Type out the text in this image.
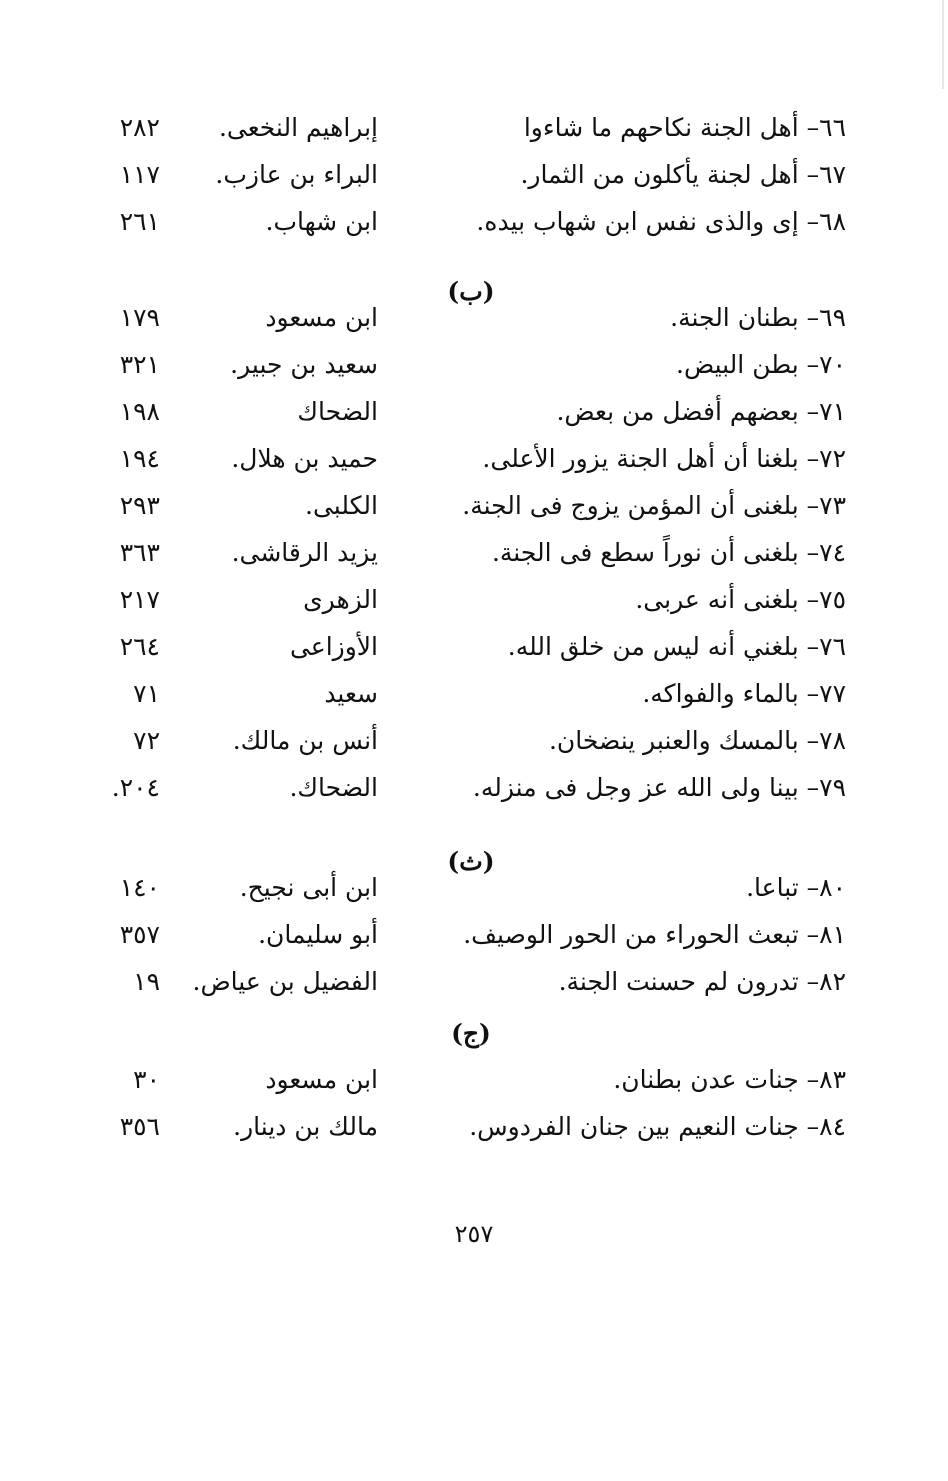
٦٦– أهل الجنة نكاحهم ما شاءوا
إبراهيم النخعى.
٢٨٢
٦٧– أهل لجنة يأكلون من الثمار.
البراء بن عازب.
١١٧
٦٨– إى والذى نفس ابن شهاب بيده.
ابن شهاب.
٢٦١
(ب)
٦٩– بطنان الجنة.
ابن مسعود
١٧٩
٧٠– بطن البيض.
سعيد بن جبير.
٣٢١
٧١– بعضهم أفضل من بعض.
الضحاك
١٩٨
٧٢– بلغنا أن أهل الجنة يزور الأعلى.
حميد بن هلال.
١٩٤
٧٣– بلغنى أن المؤمن يزوج فى الجنة.
الكلبى.
٢٩٣
٧٤– بلغنى أن نوراً سطع فى الجنة.
يزيد الرقاشى.
٣٦٣
٧٥– بلغنى أنه عربى.
الزهرى
٢١٧
٧٦– بلغني أنه ليس من خلق الله.
الأوزاعى
٢٦٤
٧٧– بالماء والفواكه.
سعيد
٧١
٧٨– بالمسك والعنبر ينضخان.
أنس بن مالك.
٧٢
٧٩– بينا ولى الله عز وجل فى منزله.
الضحاك.
٢٠٤.
(ث)
٨٠– تباعا.
ابن أبى نجيح.
١٤٠
٨١– تبعث الحوراء من الحور الوصيف.
أبو سليمان.
٣٥٧
٨٢– تدرون لم حسنت الجنة.
الفضيل بن عياض.
١٩
(ج)
٨٣– جنات عدن بطنان.
ابن مسعود
٣٠
٨٤– جنات النعيم بين جنان الفردوس.
مالك بن دينار.
٣٥٦
٢٥٧
